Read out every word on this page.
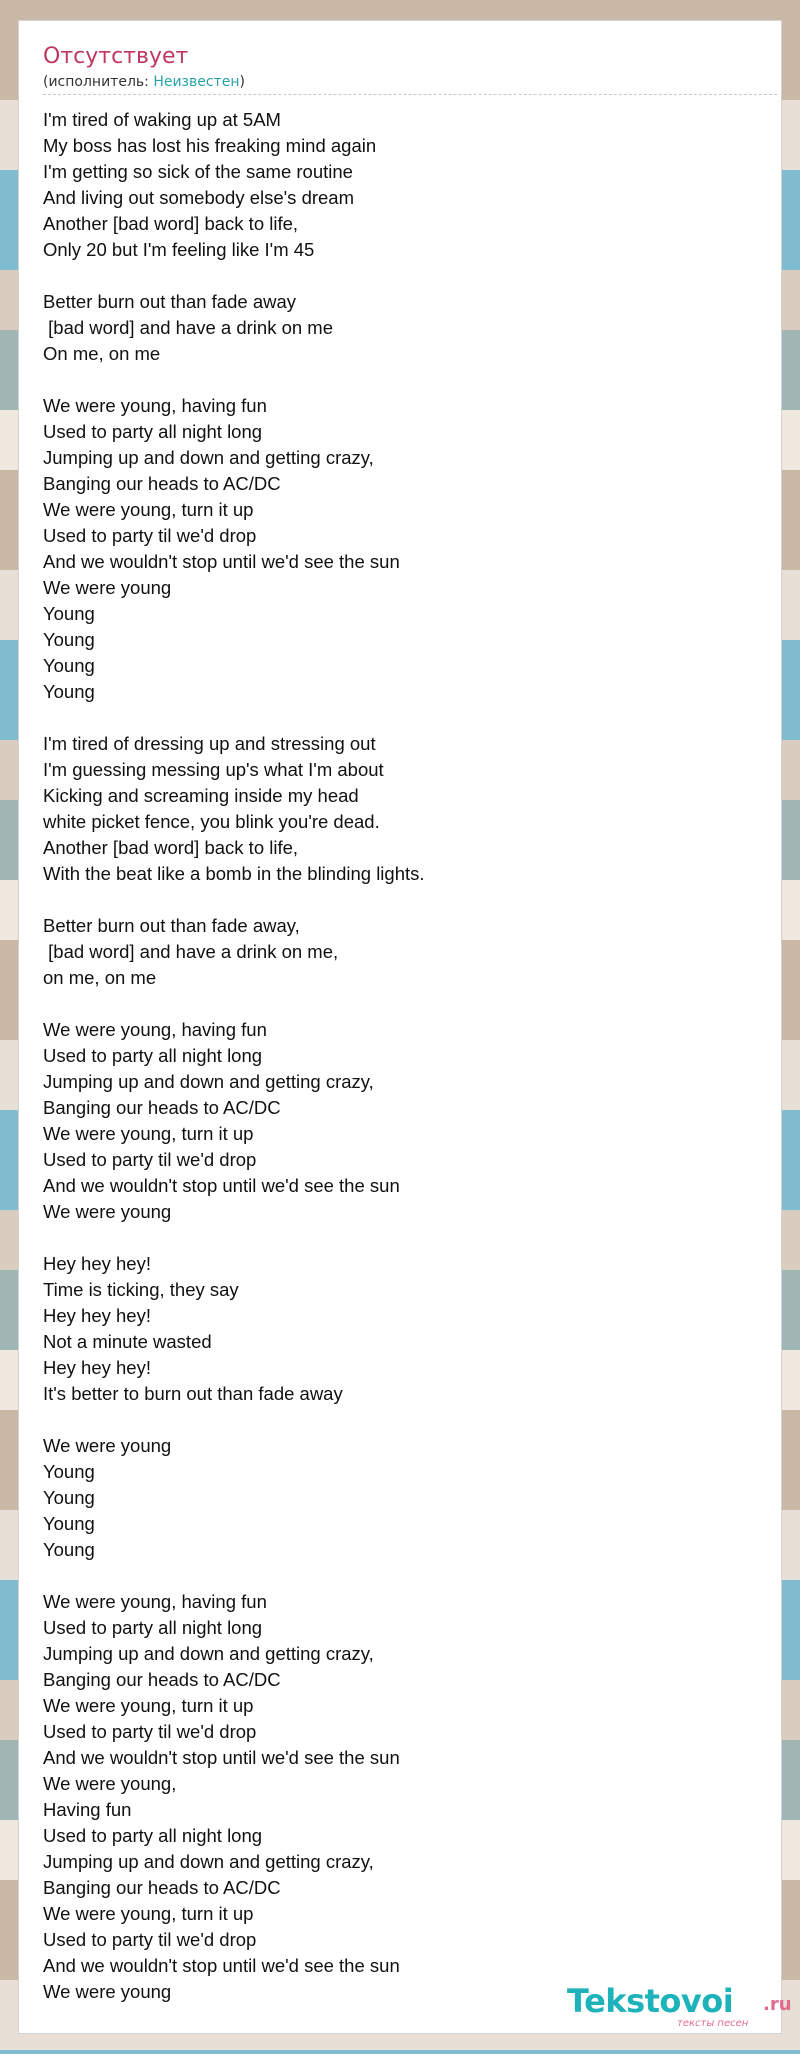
Отсутствует

(исполнитель: Неизвестен)

I'm tired of waking up at 5AM
My boss has lost his freaking mind again
I'm getting so sick of the same routine
And living out somebody else's dream
Another [bad word] back to life,
Only 20 but I'm feeling like I'm 45
Better burn out than fade away
[bad word] and have a drink on me
On me, on me
We were young, having fun
Used to party all night long
Jumping up and down and getting crazy,
Banging our heads to AC/DC
We were young, turn it up
Used to party til we'd drop
And we wouldn't stop until we'd see the sun
We were young
Young
Young
Young
Young
I'm tired of dressing up and stressing out
I'm guessing messing up's what I'm about
Kicking and screaming inside my head
white picket fence, you blink you're dead.
Another [bad word] back to life,
With the beat like a bomb in the blinding lights.
Better burn out than fade away,
[bad word] and have a drink on me,
on me, on me
We were young, having fun
Used to party all night long
Jumping up and down and getting crazy,
Banging our heads to AC/DC
We were young, turn it up
Used to party til we'd drop
And we wouldn't stop until we'd see the sun
We were young
Hey hey hey!
Time is ticking, they say
Hey hey hey!
Not a minute wasted
Hey hey hey!
It's better to burn out than fade away
We were young
Young
Young
Young
Young
We were young, having fun
Used to party all night long
Jumping up and down and getting crazy,
Banging our heads to AC/DC
We were young, turn it up
Used to party til we'd drop
And we wouldn't stop until we'd see the sun
We were young,
Having fun
Used to party all night long
Jumping up and down and getting crazy,
Banging our heads to AC/DC
We were young, turn it up
Used to party til we'd drop
And we wouldn't stop until we'd see the sun
We were young	Tekstovoi .ru
тексты песен
